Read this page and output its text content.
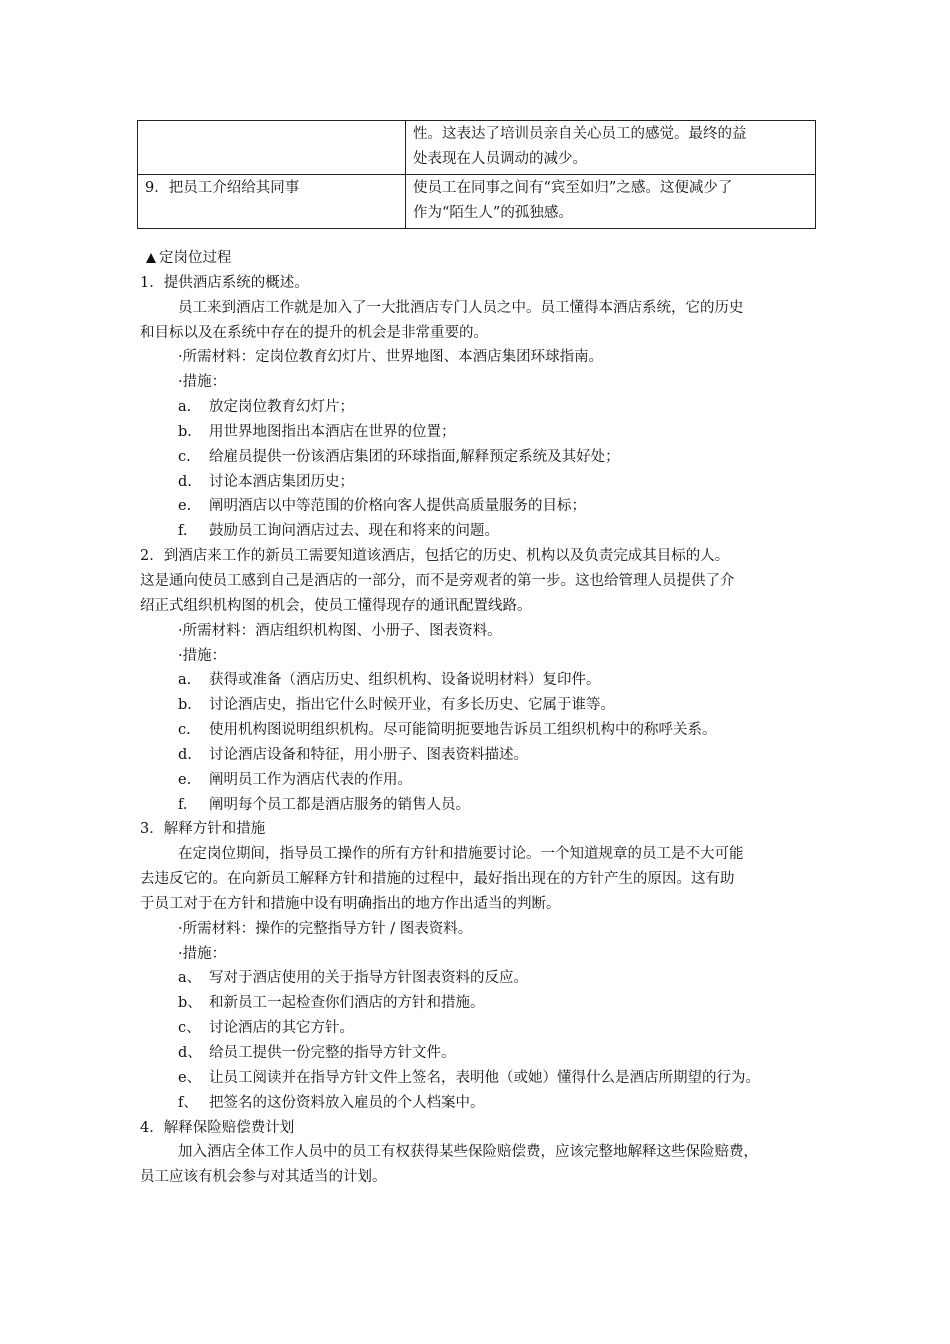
	性。这表达了培训员亲自关心员工的感觉。最终的益
处表现在人员调动的减少。

9．把员工介绍给其同事	使员工在同事之间有“宾至如归”之感。这便减少了
作为“陌生人”的孤独感。
定岗位过程
1．提供酒店系统的概述。
员工来到酒店工作就是加入了一大批酒店专门人员之中。员工懂得本酒店系统，它的历史
和目标以及在系统中存在的提升的机会是非常重要的。
·所需材料：定岗位教育幻灯片、世界地图、本酒店集团环球指南。
·措施：
a.	放定岗位教育幻灯片；
b.	用世界地图指出本酒店在世界的位置；
c.	给雇员提供一份该酒店集团的环球指面,解释预定系统及其好处；
d.	讨论本酒店集团历史；
e.	阐明酒店以中等范围的价格向客人提供高质量服务的目标；
f.	鼓励员工询问酒店过去、现在和将来的问题。
2．到酒店来工作的新员工需要知道该酒店，包括它的历史、机构以及负责完成其目标的人。
这是通向使员工感到自己是酒店的一部分，而不是旁观者的第一步。这也给管理人员提供了介
绍正式组织机构图的机会，使员工懂得现存的通讯配置线路。
·所需材料：酒店组织机构图、小册子、图表资料。
·措施：
a.	获得或准备（酒店历史、组织机构、设备说明材料）复印件。
b.	讨论酒店史，指出它什么时候开业，有多长历史、它属于谁等。
c.	使用机构图说明组织机构。尽可能简明扼要地告诉员工组织机构中的称呼关系。
d.	讨论酒店设备和特征，用小册子、图表资料描述。
e.	阐明员工作为酒店代表的作用。
f.	阐明每个员工都是酒店服务的销售人员。
3．解释方针和措施
在定岗位期间，指导员工操作的所有方针和措施要讨论。一个知道规章的员工是不大可能
去违反它的。在向新员工解释方针和措施的过程中，最好指出现在的方针产生的原因。这有助
于员工对于在方针和措施中设有明确指出的地方作出适当的判断。
·所需材料：操作的完整指导方针 / 图表资料。
·措施：
a、 写对于酒店使用的关于指导方针图表资料的反应。
b、 和新员工一起检查你们酒店的方针和措施。
c、 讨论酒店的其它方针。
d、 给员工提供一份完整的指导方针文件。
e、 让员工阅读并在指导方针文件上签名，表明他（或她）懂得什么是酒店所期望的行为。
f、 把签名的这份资料放入雇员的个人档案中。
4．解释保险赔偿费计划
加入酒店全体工作人员中的员工有权获得某些保险赔偿费，应该完整地解释这些保险赔费，
员工应该有机会参与对其适当的计划。
